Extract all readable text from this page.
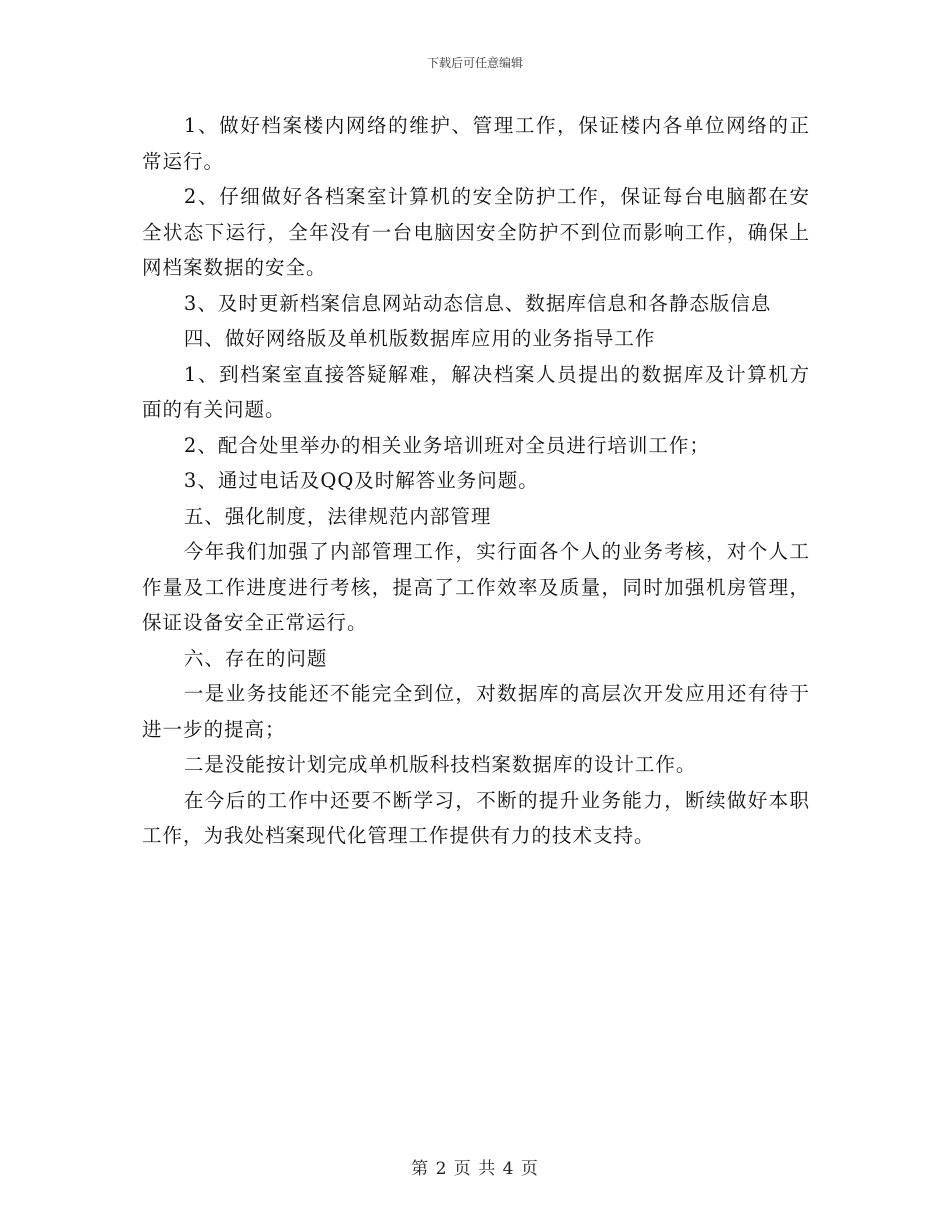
下载后可任意编辑

1、做好档案楼内网络的维护、管理工作，保证楼内各单位网络的正常运行。

2、仔细做好各档案室计算机的安全防护工作，保证每台电脑都在安全状态下运行，全年没有一台电脑因安全防护不到位而影响工作，确保上网档案数据的安全。

3、及时更新档案信息网站动态信息、数据库信息和各静态版信息

四、做好网络版及单机版数据库应用的业务指导工作

1、到档案室直接答疑解难，解决档案人员提出的数据库及计算机方面的有关问题。

2、配合处里举办的相关业务培训班对全员进行培训工作；

3、通过电话及QQ及时解答业务问题。

五、强化制度，法律规范内部管理

今年我们加强了内部管理工作，实行面各个人的业务考核，对个人工作量及工作进度进行考核，提高了工作效率及质量，同时加强机房管理，保证设备安全正常运行。

六、存在的问题

一是业务技能还不能完全到位，对数据库的高层次开发应用还有待于进一步的提高；

二是没能按计划完成单机版科技档案数据库的设计工作。

在今后的工作中还要不断学习，不断的提升业务能力，断续做好本职工作，为我处档案现代化管理工作提供有力的技术支持。

第 2 页 共 4 页
